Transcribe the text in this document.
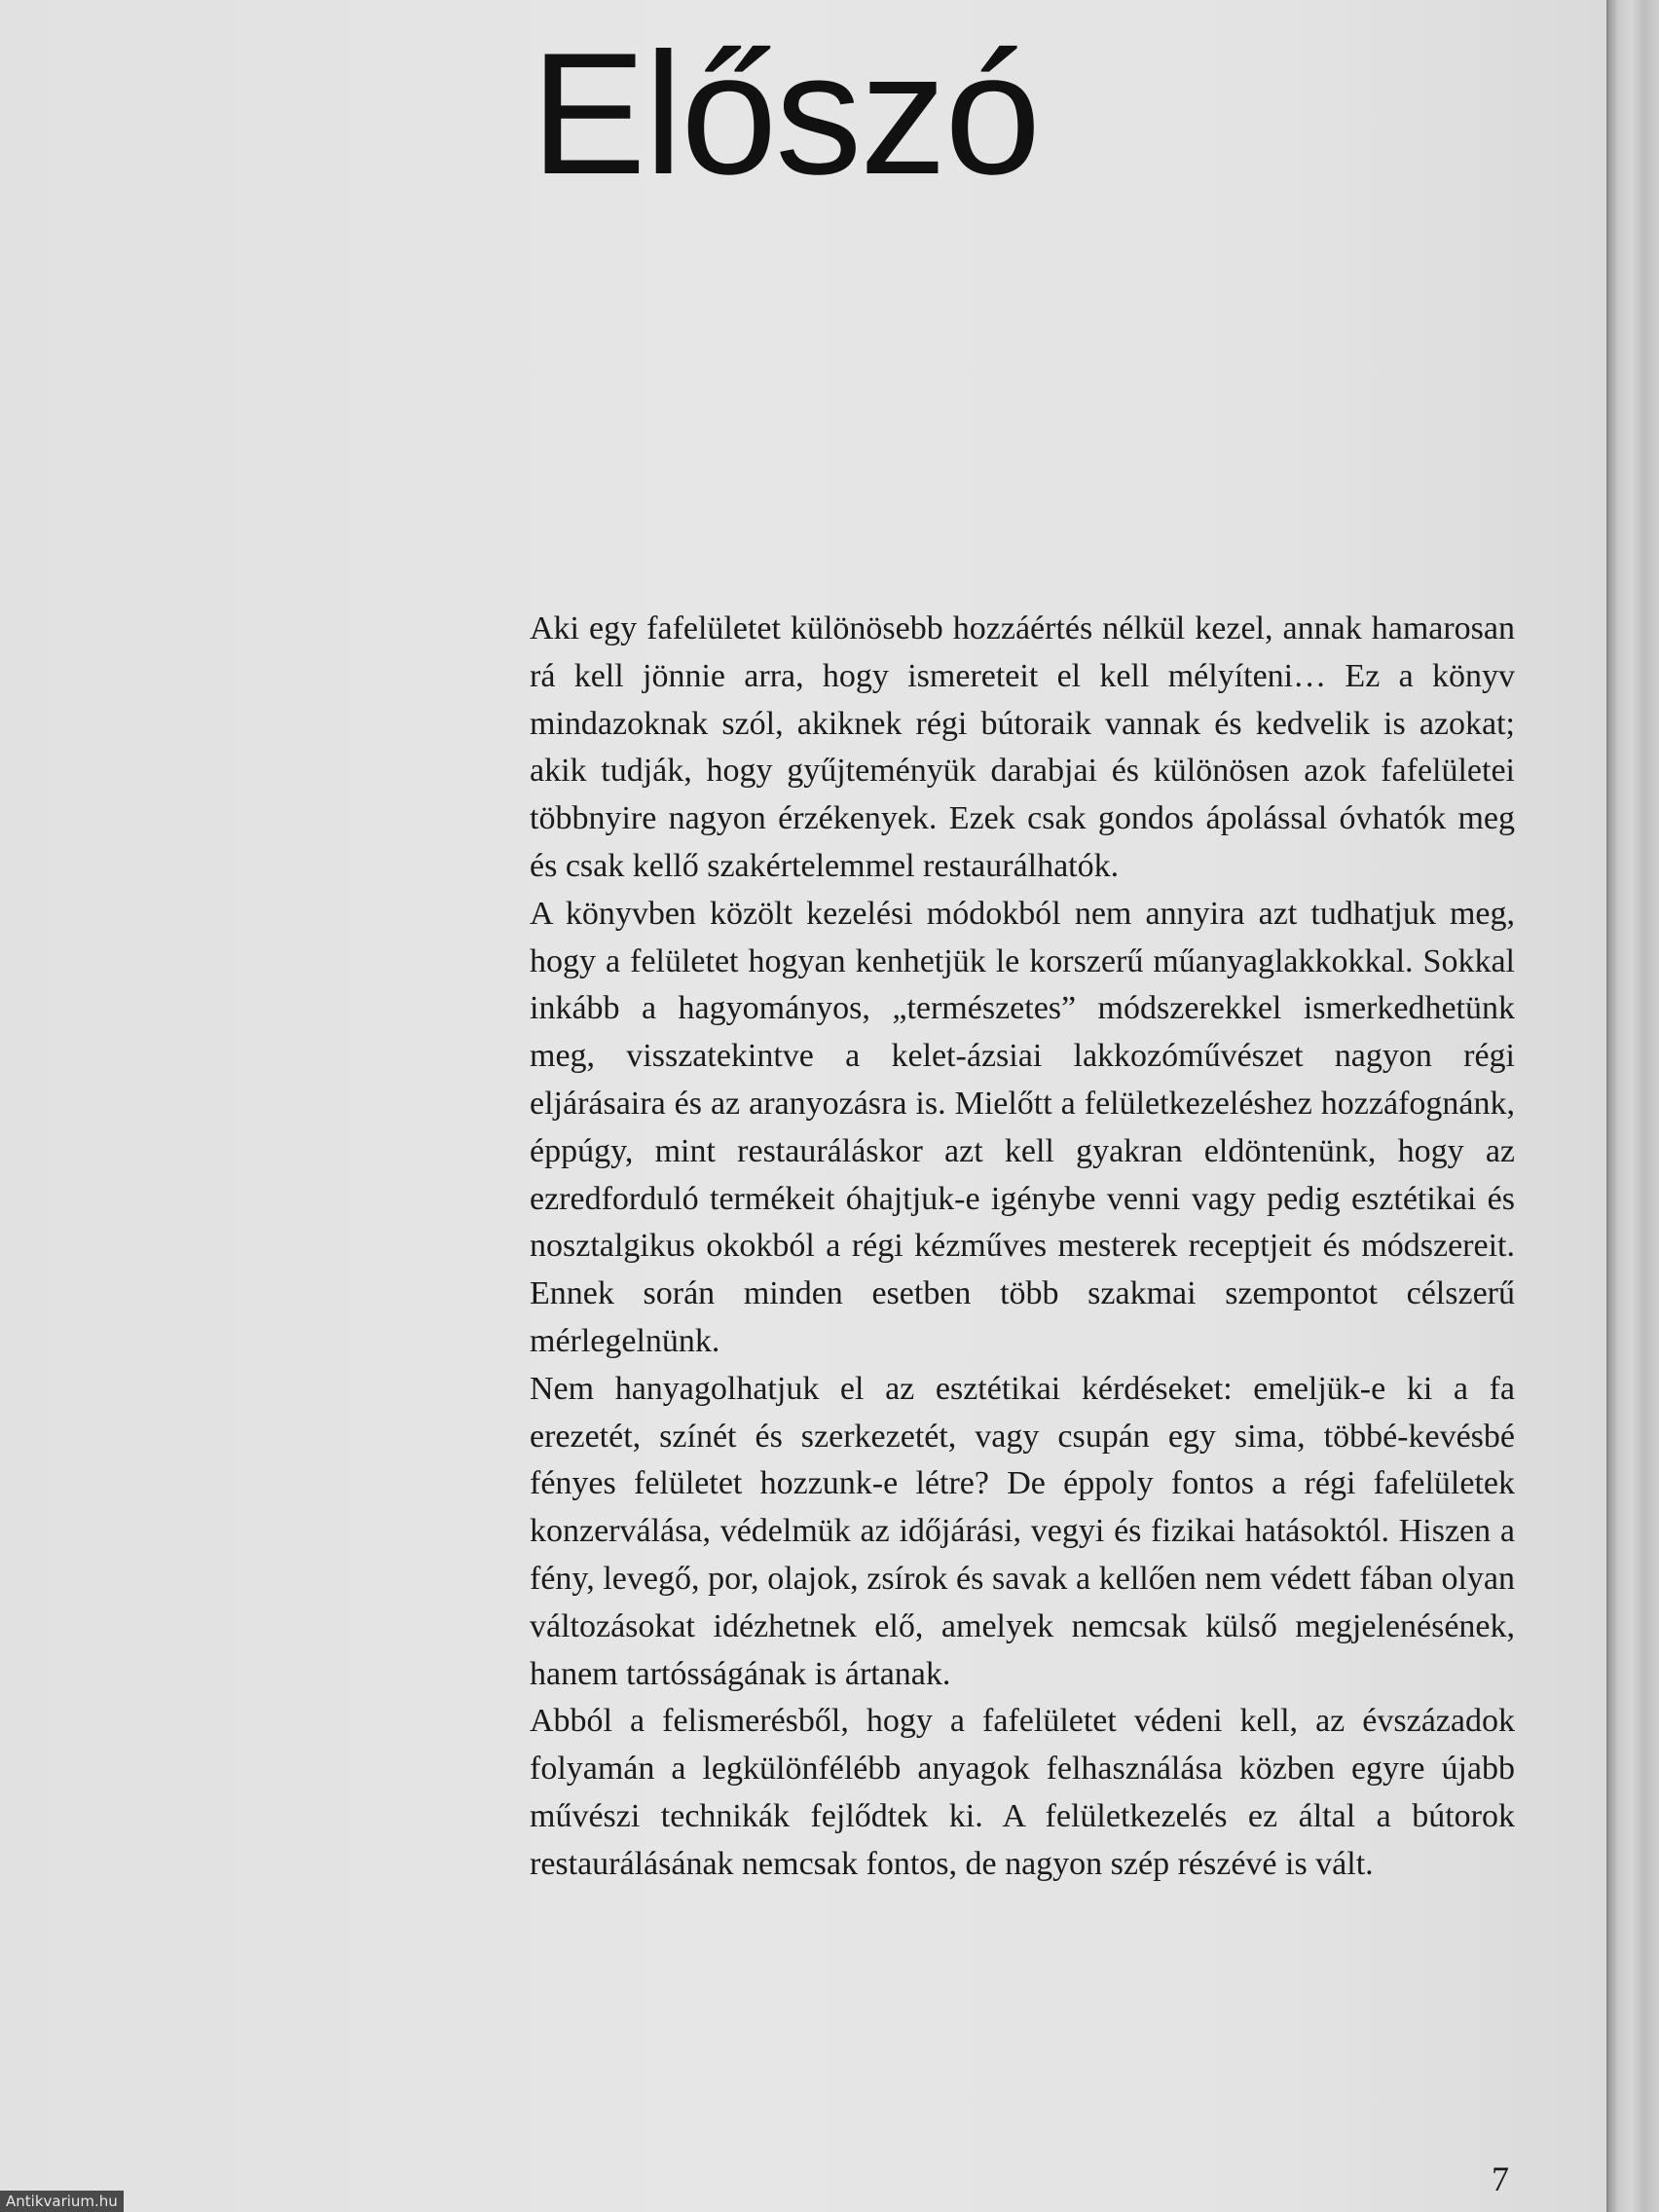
Előszó

Aki egy fafelületet különösebb hozzáértés nélkül kezel, annak hamarosan rá kell jönnie arra, hogy ismereteit el kell mélyíteni… Ez a könyv mindazoknak szól, akiknek régi bútoraik vannak és kedvelik is azokat; akik tudják, hogy gyűjteményük darabjai és különösen azok fafelületei többnyire nagyon érzékenyek. Ezek csak gondos ápolással óvhatók meg és csak kellő szakértelemmel restaurálhatók.

A könyvben közölt kezelési módokból nem annyira azt tudhatjuk meg, hogy a felületet hogyan kenhetjük le korszerű műanyaglakkokkal. Sokkal inkább a hagyományos, „természetes” módszerekkel ismerkedhetünk meg, visszatekintve a kelet-ázsiai lakkozóművészet nagyon régi eljárásaira és az aranyozásra is. Mielőtt a felületkezeléshez hozzáfognánk, éppúgy, mint restauráláskor azt kell gyakran eldöntenünk, hogy az ezredforduló termékeit óhajtjuk-e igénybe venni vagy pedig esztétikai és nosztalgikus okokból a régi kézműves mesterek receptjeit és módszereit. Ennek során minden esetben több szakmai szempontot célszerű mérlegelnünk.

Nem hanyagolhatjuk el az esztétikai kérdéseket: emeljük-e ki a fa erezetét, színét és szerkezetét, vagy csupán egy sima, többé-kevésbé fényes felületet hozzunk-e létre? De éppoly fontos a régi fafelületek konzerválása, védelmük az időjárási, vegyi és fizikai hatásoktól. Hiszen a fény, levegő, por, olajok, zsírok és savak a kellően nem védett fában olyan változásokat idézhetnek elő, amelyek nemcsak külső megjelenésének, hanem tartósságának is ártanak.

Abból a felismerésből, hogy a fafelületet védeni kell, az évszázadok folyamán a legkülönfélébb anyagok felhasználása közben egyre újabb művészi technikák fejlődtek ki. A felületkezelés ez által a bútorok restaurálásának nemcsak fontos, de nagyon szép részévé is vált.

7
Antikvarium.hu
